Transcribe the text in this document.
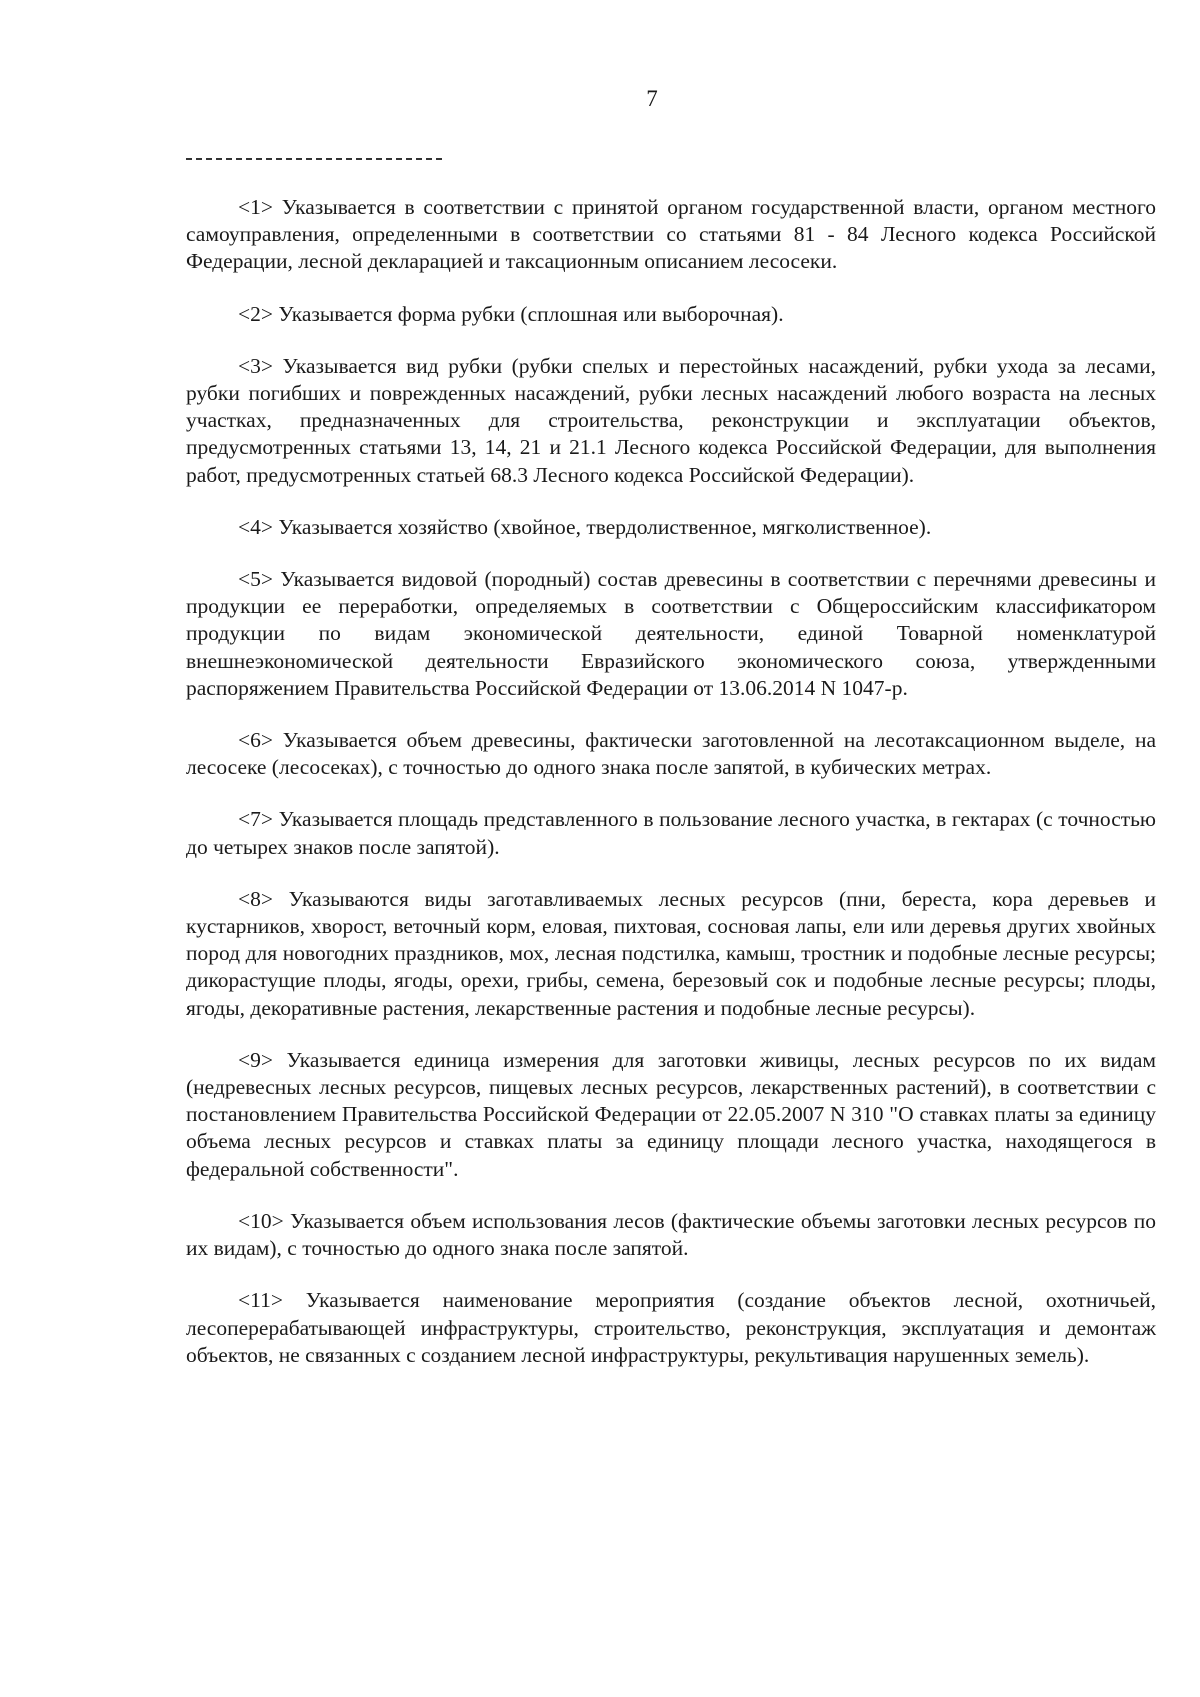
7

<1> Указывается в соответствии с принятой органом государственной власти, органом местного самоуправления, определенными в соответствии со статьями 81 - 84 Лесного кодекса Российской Федерации, лесной декларацией и таксационным описанием лесосеки.

<2> Указывается форма рубки (сплошная или выборочная).

<3> Указывается вид рубки (рубки спелых и перестойных насаждений, рубки ухода за лесами, рубки погибших и поврежденных насаждений, рубки лесных насаждений любого возраста на лесных участках, предназначенных для строительства, реконструкции и эксплуатации объектов, предусмотренных статьями 13, 14, 21 и 21.1 Лесного кодекса Российской Федерации, для выполнения работ, предусмотренных статьей 68.3 Лесного кодекса Российской Федерации).

<4> Указывается хозяйство (хвойное, твердолиственное, мягколиственное).

<5> Указывается видовой (породный) состав древесины в соответствии с перечнями древесины и продукции ее переработки, определяемых в соответствии с Общероссийским классификатором продукции по видам экономической деятельности, единой Товарной номенклатурой внешнеэкономической деятельности Евразийского экономического союза, утвержденными распоряжением Правительства Российской Федерации от 13.06.2014 N 1047-р.

<6> Указывается объем древесины, фактически заготовленной на лесотаксационном выделе, на лесосеке (лесосеках), с точностью до одного знака после запятой, в кубических метрах.

<7> Указывается площадь представленного в пользование лесного участка, в гектарах (с точностью до четырех знаков после запятой).

<8> Указываются виды заготавливаемых лесных ресурсов (пни, береста, кора деревьев и кустарников, хворост, веточный корм, еловая, пихтовая, сосновая лапы, ели или деревья других хвойных пород для новогодних праздников, мох, лесная подстилка, камыш, тростник и подобные лесные ресурсы; дикорастущие плоды, ягоды, орехи, грибы, семена, березовый сок и подобные лесные ресурсы; плоды, ягоды, декоративные растения, лекарственные растения и подобные лесные ресурсы).

<9> Указывается единица измерения для заготовки живицы, лесных ресурсов по их видам (недревесных лесных ресурсов, пищевых лесных ресурсов, лекарственных растений), в соответствии с постановлением Правительства Российской Федерации от 22.05.2007 N 310 "О ставках платы за единицу объема лесных ресурсов и ставках платы за единицу площади лесного участка, находящегося в федеральной собственности".

<10> Указывается объем использования лесов (фактические объемы заготовки лесных ресурсов по их видам), с точностью до одного знака после запятой.

<11> Указывается наименование мероприятия (создание объектов лесной, охотничьей, лесоперерабатывающей инфраструктуры, строительство, реконструкция, эксплуатация и демонтаж объектов, не связанных с созданием лесной инфраструктуры, рекультивация нарушенных земель).
